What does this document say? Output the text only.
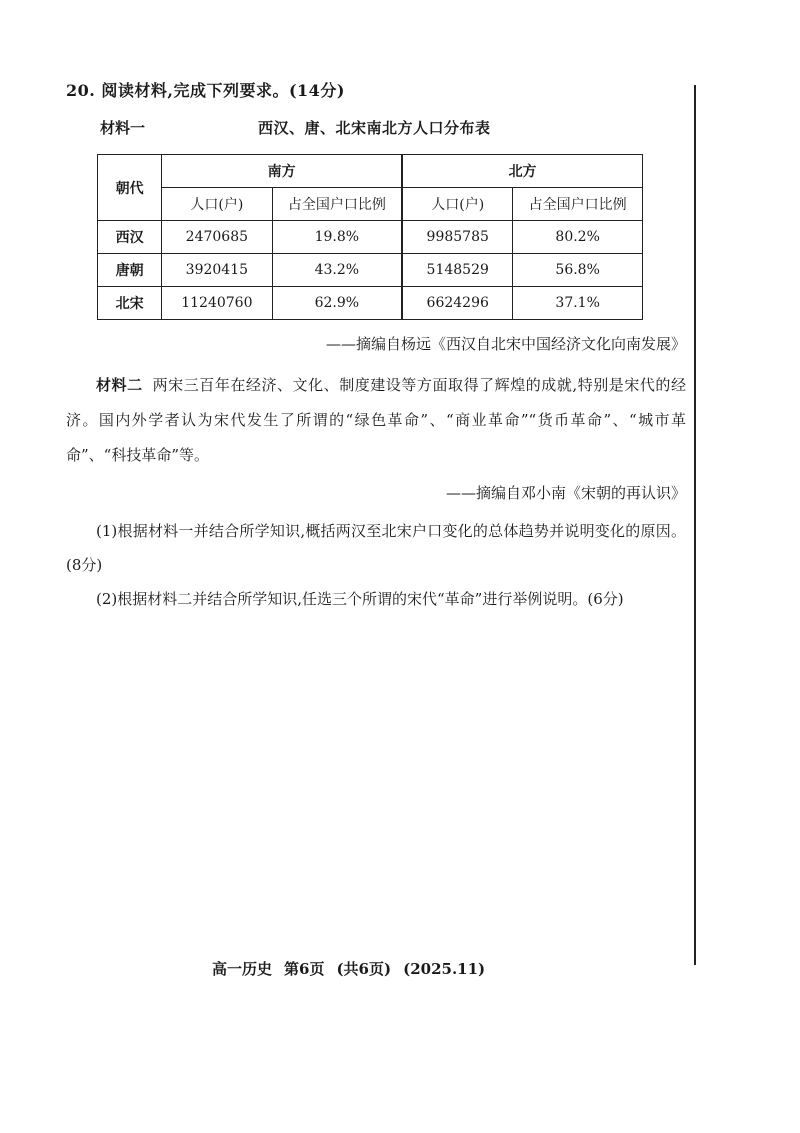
20. 阅读材料,完成下列要求。(14分)
材料一	西汉、唐、北宋南北方人口分布表
朝代	南方		北方	
	人口(户)	占全国户口比例	人口(户)	占全国户口比例
西汉	2470685	19.8%	9985785	80.2%
唐朝	3920415	43.2%	5148529	56.8%
北宋	11240760	62.9%	6624296	37.1%
——摘编自杨远《西汉自北宋中国经济文化向南发展》
材料二 两宋三百年在经济、文化、制度建设等方面取得了辉煌的成就,特别是宋代的经济。国内外学者认为宋代发生了所谓的“绿色革命”、“商业革命”“货币革命”、“城市革命”、“科技革命”等。
——摘编自邓小南《宋朝的再认识》
(1)根据材料一并结合所学知识,概括两汉至北宋户口变化的总体趋势并说明变化的原因。(8分)
(2)根据材料二并结合所学知识,任选三个所谓的宋代“革命”进行举例说明。(6分)
高一历史 第6页 (共6页) (2025.11)
